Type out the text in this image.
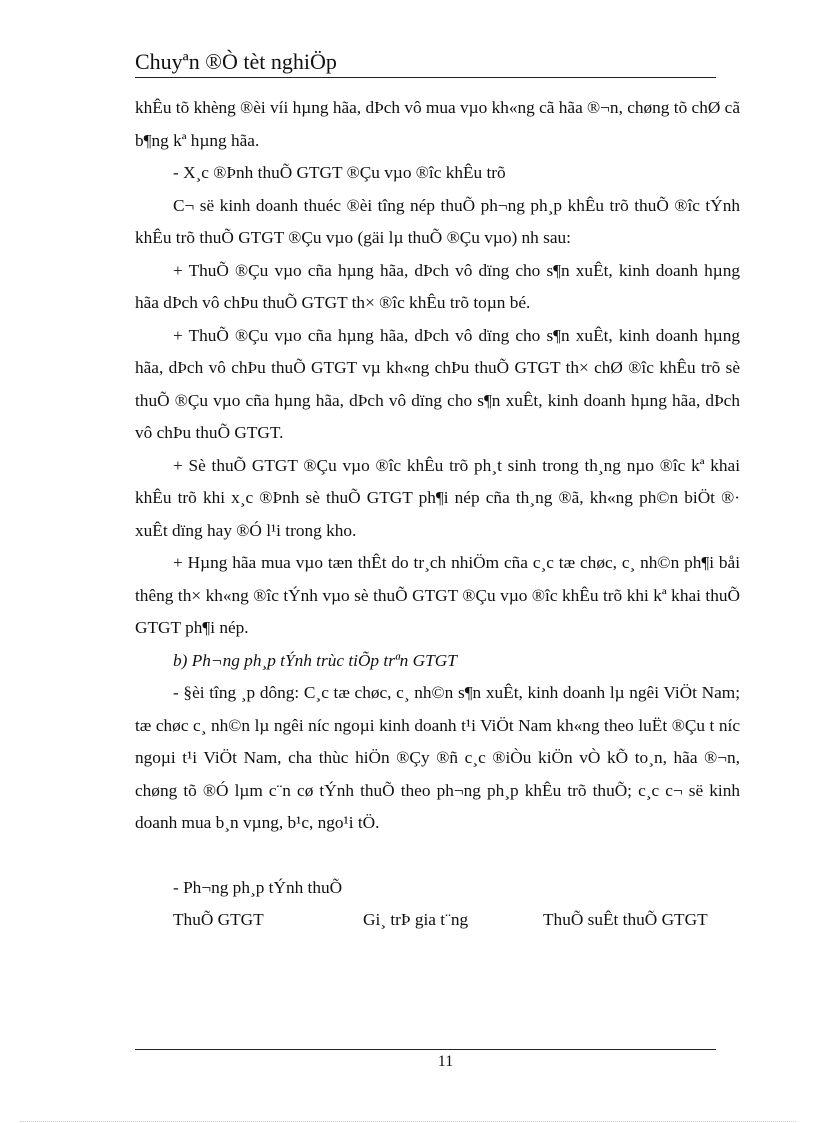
Chuyªn ®Ò tèt nghiÖp

khÊu tõ khèng ®èi víi hµng hãa, dÞch vô mua vµo kh«ng cã hãa ®¬n, chøng tõ chØ cã b¶ng kª hµng hãa.

- X¸c ®Þnh thuÕ GTGT ®Çu vµo ®îc khÊu trõ

C¬ së kinh doanh thuéc ®èi tîng nép thuÕ ph¬ng ph¸p khÊu trõ thuÕ ®îc tÝnh khÊu trõ thuÕ GTGT ®Çu vµo (gäi lµ thuÕ ®Çu vµo) nh sau:

+ ThuÕ ®Çu vµo cña hµng hãa, dÞch vô dïng cho s¶n xuÊt, kinh doanh hµng hãa dÞch vô chÞu thuÕ GTGT th× ®îc khÊu trõ toµn bé.

+ ThuÕ ®Çu vµo cña hµng hãa, dÞch vô dïng cho s¶n xuÊt, kinh doanh hµng hãa, dÞch vô chÞu thuÕ GTGT vµ kh«ng chÞu thuÕ GTGT th× chØ ®îc khÊu trõ sè thuÕ ®Çu vµo cña hµng hãa, dÞch vô dïng cho s¶n xuÊt, kinh doanh hµng hãa, dÞch vô chÞu thuÕ GTGT.

+ Sè thuÕ GTGT ®Çu vµo ®îc khÊu trõ ph¸t sinh trong th¸ng nµo ®îc kª khai khÊu trõ khi x¸c ®Þnh sè thuÕ GTGT ph¶i nép cña th¸ng ®ã, kh«ng ph©n biÖt ®· xuÊt dïng hay ®Ó l¹i trong kho.

+ Hµng hãa mua vµo tæn thÊt do tr¸ch nhiÖm cña c¸c tæ chøc, c¸ nh©n ph¶i båi thêng th× kh«ng ®îc tÝnh vµo sè thuÕ GTGT ®Çu vµo ®îc khÊu trõ khi kª khai thuÕ GTGT ph¶i nép.

b) Ph¬ng ph¸p tÝnh trùc tiÕp trªn GTGT

- §èi tîng ¸p dông: C¸c tæ chøc, c¸ nh©n s¶n xuÊt, kinh doanh lµ ngêi ViÖt Nam; tæ chøc c¸ nh©n lµ ngêi níc ngoµi kinh doanh t¹i ViÖt Nam kh«ng theo luËt ®Çu t níc ngoµi t¹i ViÖt Nam, cha thùc hiÖn ®Çy ®ñ c¸c ®iÒu kiÖn vÒ kÕ to¸n, hãa ®¬n, chøng tõ ®Ó lµm c¨n cø tÝnh thuÕ theo ph¬ng ph¸p khÊu trõ thuÕ; c¸c c¬ së kinh doanh mua b¸n vµng, b¹c, ngo¹i tÖ.

- Ph¬ng ph¸p tÝnh thuÕ

ThuÕ GTGT	Gi¸ trÞ gia t¨ng	ThuÕ suÊt thuÕ GTGT
11
